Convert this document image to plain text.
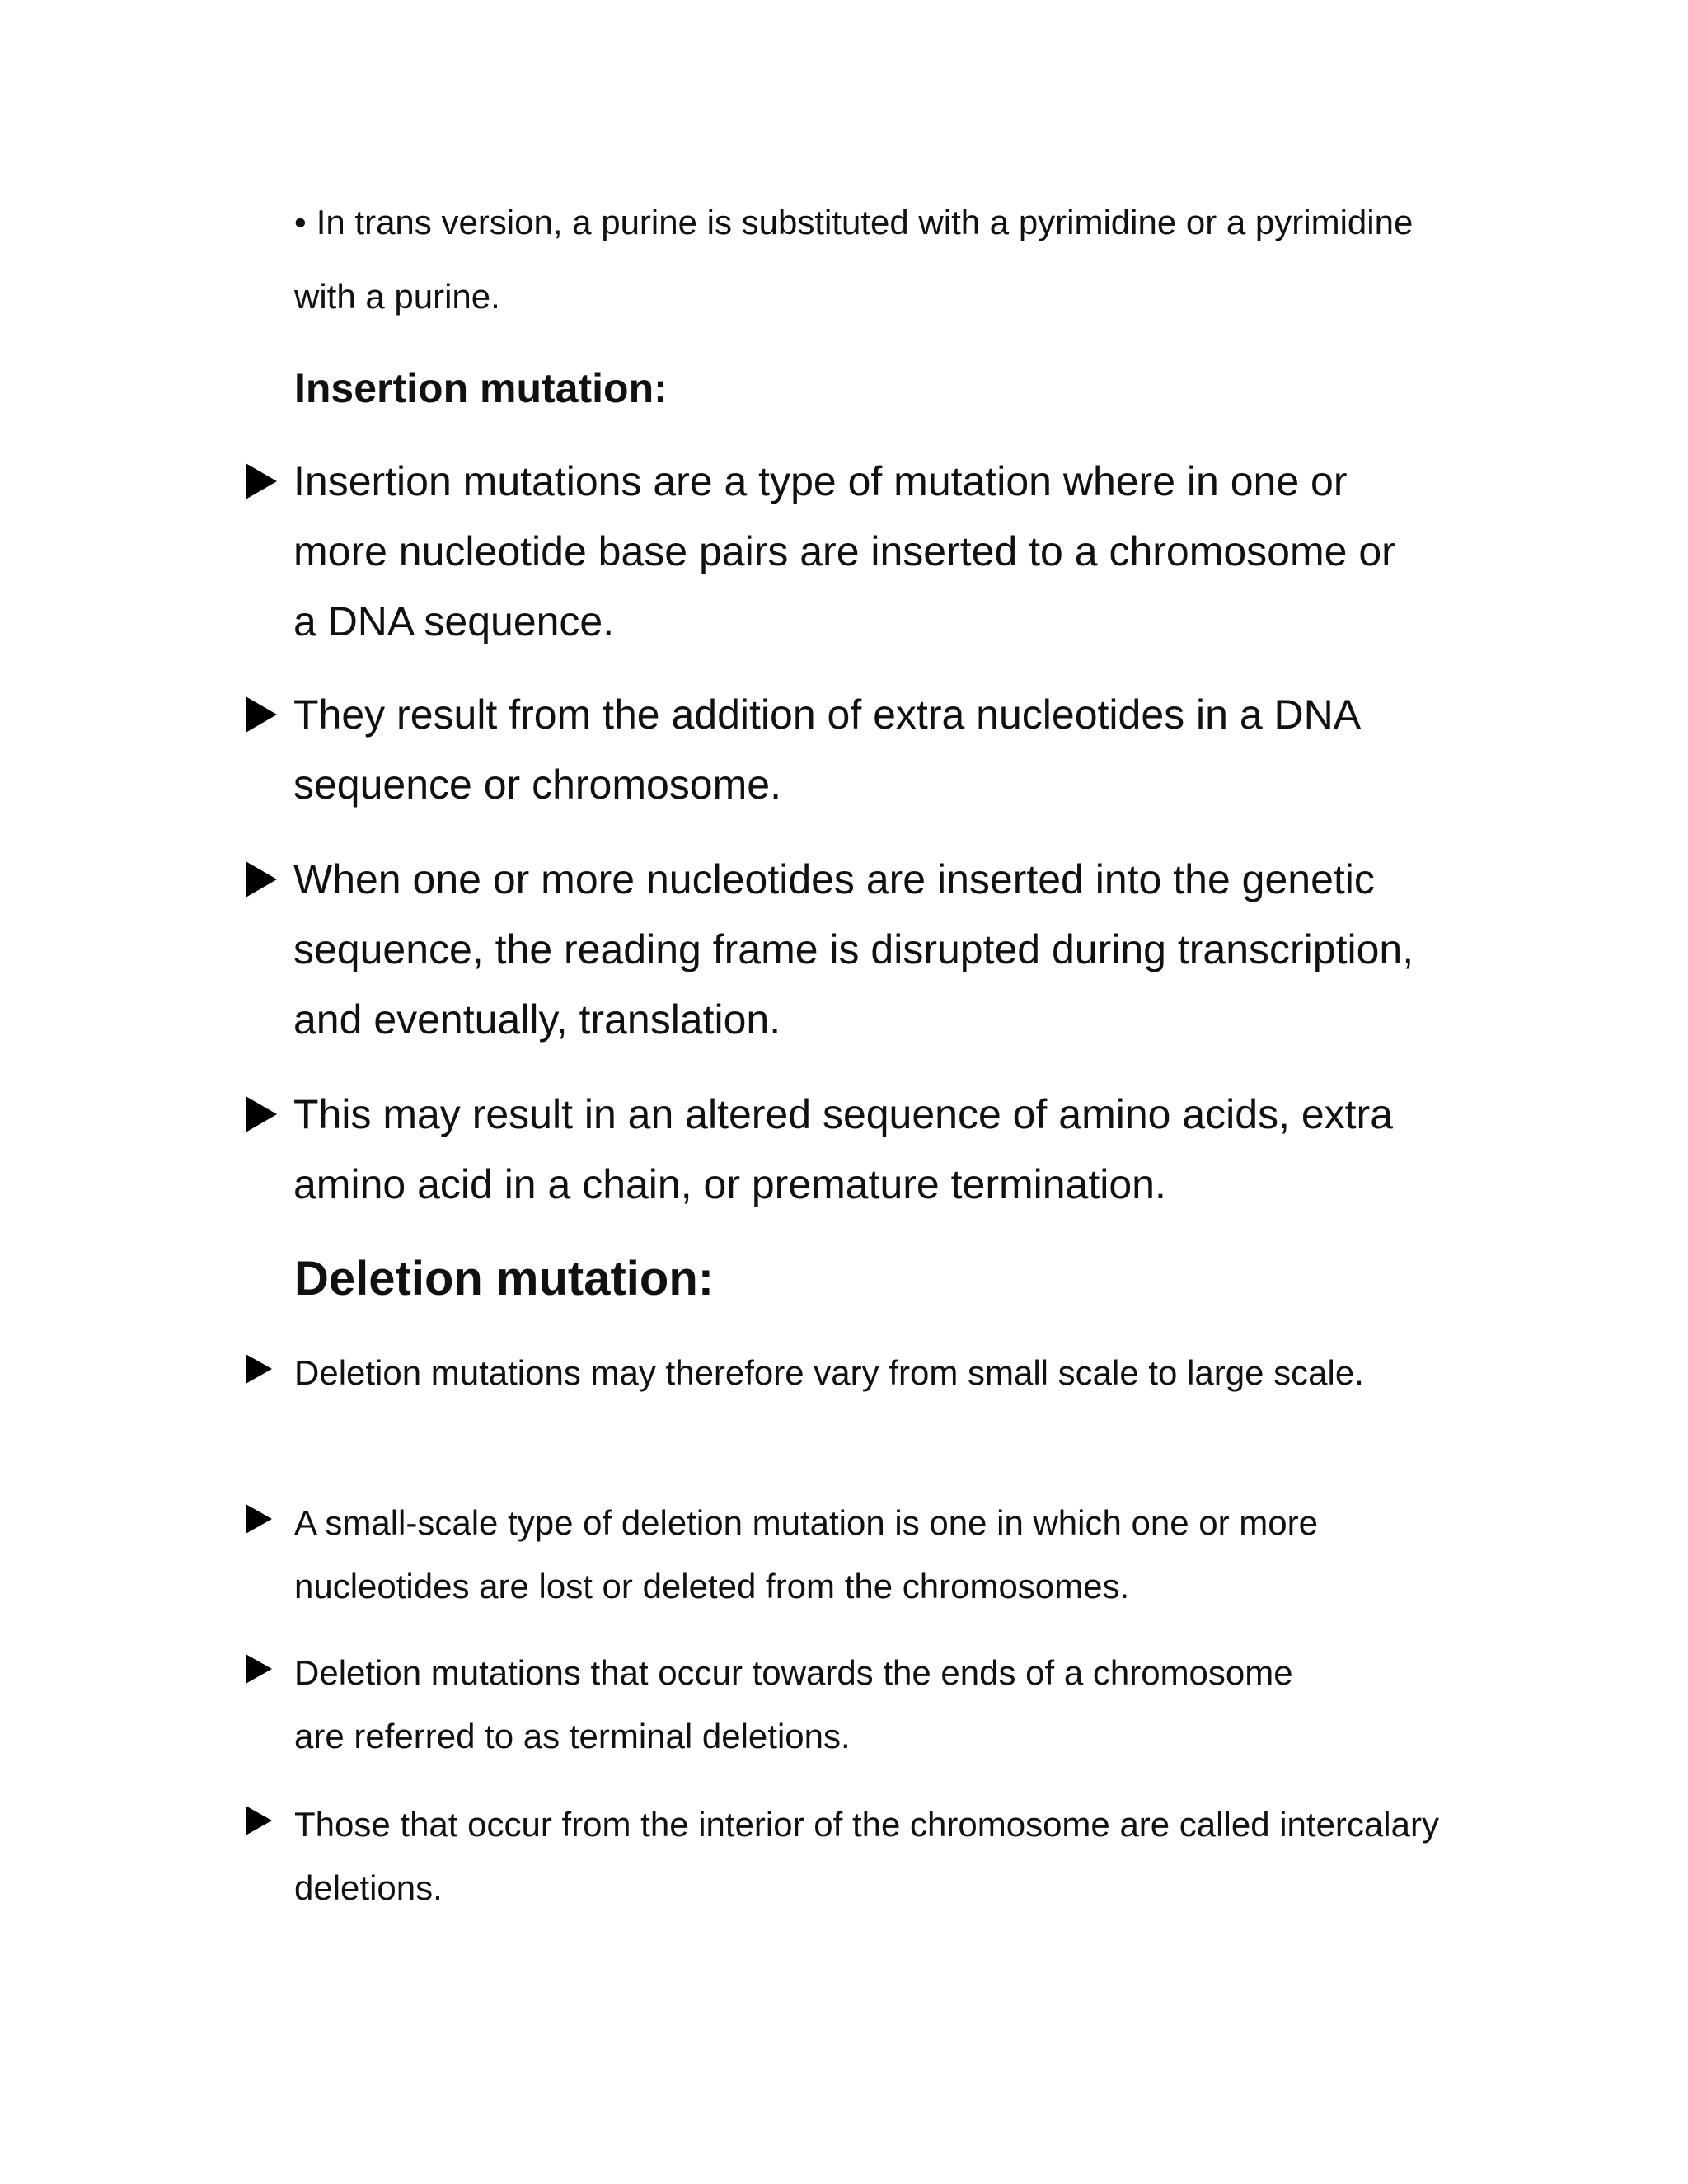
• In trans version, a purine is substituted with a pyrimidine or a pyrimidine with a purine.
Insertion mutation:
Insertion mutations are a type of mutation where in one or more nucleotide base pairs are inserted to a chromosome or a DNA sequence.
They result from the addition of extra nucleotides in a DNA sequence or chromosome.
When one or more nucleotides are inserted into the genetic sequence, the reading frame is disrupted during transcription, and eventually, translation.
This may result in an altered sequence of amino acids, extra amino acid in a chain, or premature termination.
Deletion mutation:
Deletion mutations may therefore vary from small scale to large scale.
A small-scale type of deletion mutation is one in which one or more nucleotides are lost or deleted from the chromosomes.
Deletion mutations that occur towards the ends of a chromosome are referred to as terminal deletions.
Those that occur from the interior of the chromosome are called intercalary deletions.
